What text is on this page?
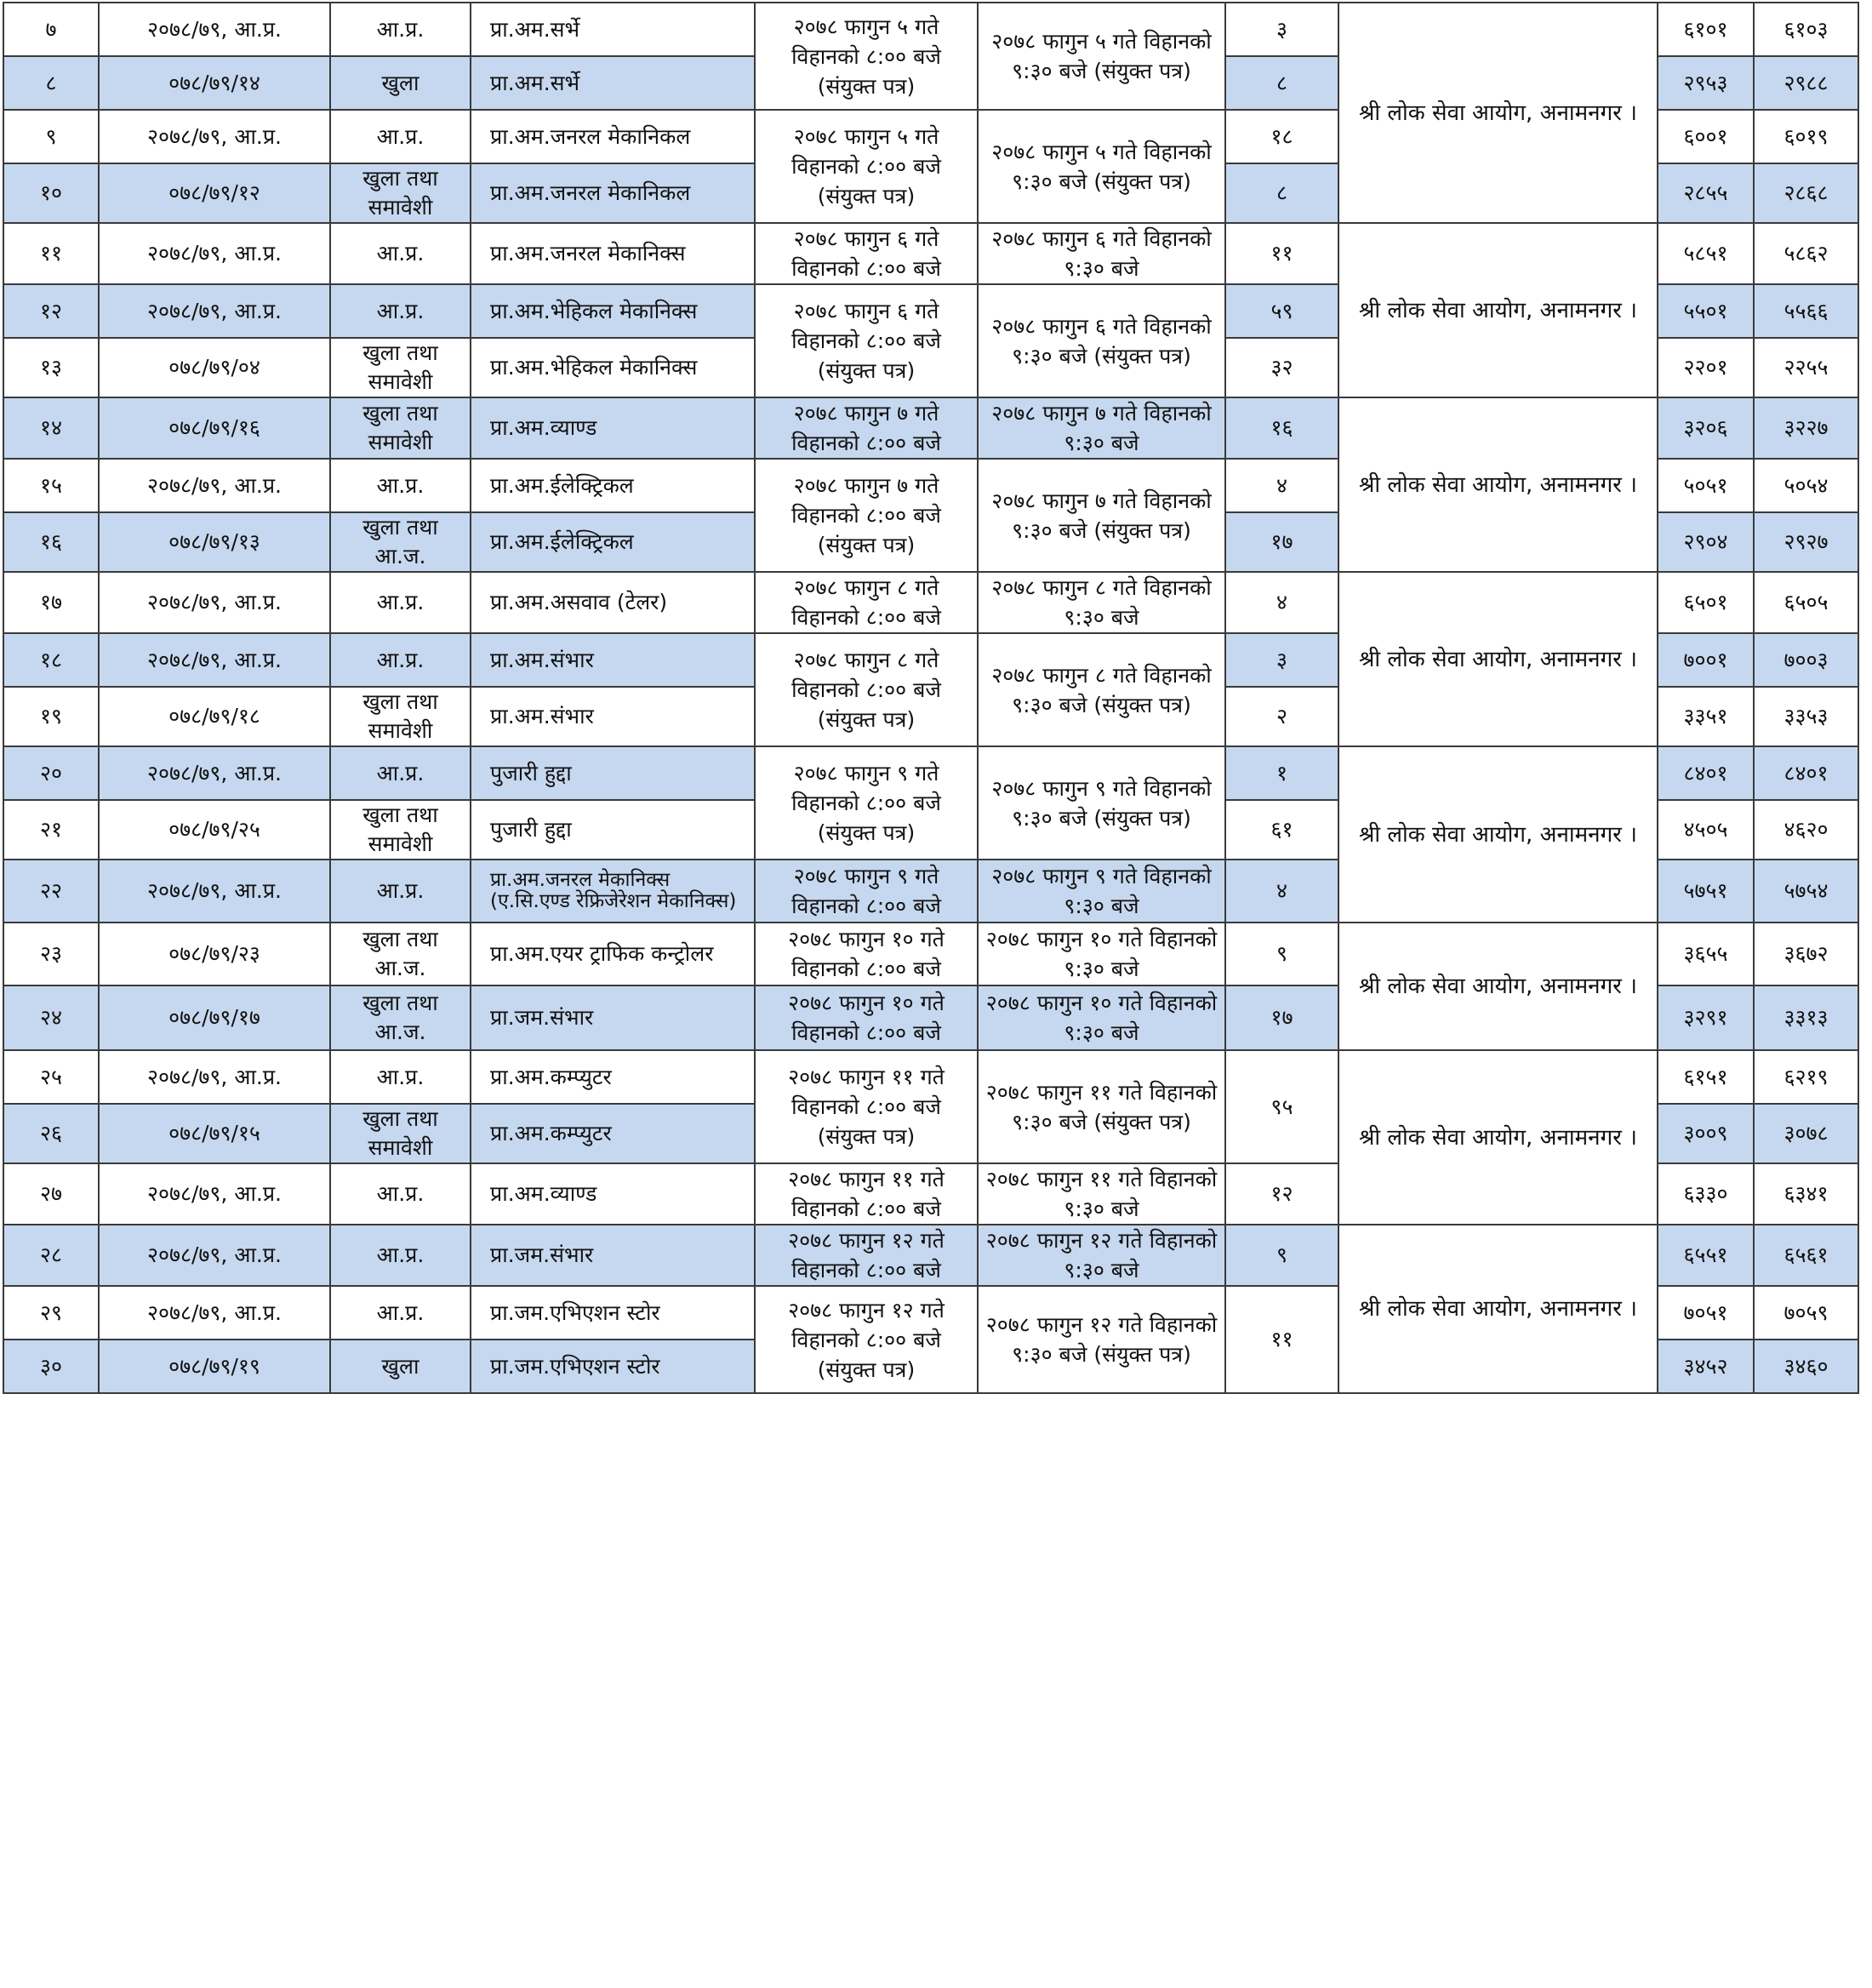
७	२०७८/७९, आ.प्र.	आ.प्र.	प्रा.अम.सर्भे	२०७८ फागुन ५ गते विहानको ८:०० बजे (संयुक्त पत्र)	२०७८ फागुन ५ गते विहानको ९:३० बजे (संयुक्त पत्र)	३	श्री लोक सेवा आयोग, अनामनगर ।	६१०१	६१०३
८	०७८/७९/१४	खुला	प्रा.अम.सर्भे			८		२९५३	२९८८
९	२०७८/७९, आ.प्र.	आ.प्र.	प्रा.अम.जनरल मेकानिकल	२०७८ फागुन ५ गते विहानको ८:०० बजे (संयुक्त पत्र)	२०७८ फागुन ५ गते विहानको ९:३० बजे (संयुक्त पत्र)	१८		६००१	६०१९
१०	०७८/७९/१२	खुला तथा समावेशी	प्रा.अम.जनरल मेकानिकल			८		२८५५	२८६८
११	२०७८/७९, आ.प्र.	आ.प्र.	प्रा.अम.जनरल मेकानिक्स	२०७८ फागुन ६ गते विहानको ८:०० बजे	२०७८ फागुन ६ गते विहानको ९:३० बजे	११	श्री लोक सेवा आयोग, अनामनगर ।	५८५१	५८६२
१२	२०७८/७९, आ.प्र.	आ.प्र.	प्रा.अम.भेहिकल मेकानिक्स	२०७८ फागुन ६ गते विहानको ८:०० बजे (संयुक्त पत्र)	२०७८ फागुन ६ गते विहानको ९:३० बजे (संयुक्त पत्र)	५९		५५०१	५५६६
१३	०७८/७९/०४	खुला तथा समावेशी	प्रा.अम.भेहिकल मेकानिक्स			३२		२२०१	२२५५
१४	०७८/७९/१६	खुला तथा समावेशी	प्रा.अम.व्याण्ड	२०७८ फागुन ७ गते विहानको ८:०० बजे	२०७८ फागुन ७ गते विहानको ९:३० बजे	१६	श्री लोक सेवा आयोग, अनामनगर ।	३२०६	३२२७
१५	२०७८/७९, आ.प्र.	आ.प्र.	प्रा.अम.ईलेक्ट्रिकल	२०७८ फागुन ७ गते विहानको ८:०० बजे (संयुक्त पत्र)	२०७८ फागुन ७ गते विहानको ९:३० बजे (संयुक्त पत्र)	४		५०५१	५०५४
१६	०७८/७९/१३	खुला तथा आ.ज.	प्रा.अम.ईलेक्ट्रिकल			१७		२९०४	२९२७
१७	२०७८/७९, आ.प्र.	आ.प्र.	प्रा.अम.असवाव (टेलर)	२०७८ फागुन ८ गते विहानको ८:०० बजे	२०७८ फागुन ८ गते विहानको ९:३० बजे	४	श्री लोक सेवा आयोग, अनामनगर ।	६५०१	६५०५
१८	२०७८/७९, आ.प्र.	आ.प्र.	प्रा.अम.संभार	२०७८ फागुन ८ गते विहानको ८:०० बजे (संयुक्त पत्र)	२०७८ फागुन ८ गते विहानको ९:३० बजे (संयुक्त पत्र)	३		७००१	७००३
१९	०७८/७९/१८	खुला तथा समावेशी	प्रा.अम.संभार			२		३३५१	३३५३
२०	२०७८/७९, आ.प्र.	आ.प्र.	पुजारी हुद्दा	२०७८ फागुन ९ गते विहानको ८:०० बजे (संयुक्त पत्र)	२०७८ फागुन ९ गते विहानको ९:३० बजे (संयुक्त पत्र)	१	श्री लोक सेवा आयोग, अनामनगर ।	८४०१	८४०१
२१	०७८/७९/२५	खुला तथा समावेशी	पुजारी हुद्दा			६१		४५०५	४६२०
२२	२०७८/७९, आ.प्र.	आ.प्र.	प्रा.अम.जनरल मेकानिक्स (ए.सि.एण्ड रेफ्रिजेरेशन मेकानिक्स)	२०७८ फागुन ९ गते विहानको ८:०० बजे	२०७८ फागुन ९ गते विहानको ९:३० बजे	४		५७५१	५७५४
२३	०७८/७९/२३	खुला तथा आ.ज.	प्रा.अम.एयर ट्राफिक कन्ट्रोलर	२०७८ फागुन १० गते विहानको ८:०० बजे	२०७८ फागुन १० गते विहानको ९:३० बजे	९	श्री लोक सेवा आयोग, अनामनगर ।	३६५५	३६७२
२४	०७८/७९/१७	खुला तथा आ.ज.	प्रा.जम.संभार	२०७८ फागुन १० गते विहानको ८:०० बजे	२०७८ फागुन १० गते विहानको ९:३० बजे	१७		३२९१	३३१३
२५	२०७८/७९, आ.प्र.	आ.प्र.	प्रा.अम.कम्प्युटर	२०७८ फागुन ११ गते विहानको ८:०० बजे (संयुक्त पत्र)	२०७८ फागुन ११ गते विहानको ९:३० बजे (संयुक्त पत्र)	९५	श्री लोक सेवा आयोग, अनामनगर ।	६१५१	६२१९
२६	०७८/७९/१५	खुला तथा समावेशी	प्रा.अम.कम्प्युटर					३००९	३०७८
२७	२०७८/७९, आ.प्र.	आ.प्र.	प्रा.अम.व्याण्ड	२०७८ फागुन ११ गते विहानको ८:०० बजे	२०७८ फागुन ११ गते विहानको ९:३० बजे	१२		६३३०	६३४१
२८	२०७८/७९, आ.प्र.	आ.प्र.	प्रा.जम.संभार	२०७८ फागुन १२ गते विहानको ८:०० बजे	२०७८ फागुन १२ गते विहानको ९:३० बजे	९	श्री लोक सेवा आयोग, अनामनगर ।	६५५१	६५६१
२९	२०७८/७९, आ.प्र.	आ.प्र.	प्रा.जम.एभिएशन स्टोर	२०७८ फागुन १२ गते विहानको ८:०० बजे (संयुक्त पत्र)	२०७८ फागुन १२ गते विहानको ९:३० बजे (संयुक्त पत्र)	११		७०५१	७०५९
३०	०७८/७९/१९	खुला	प्रा.जम.एभिएशन स्टोर					३४५२	३४६०
